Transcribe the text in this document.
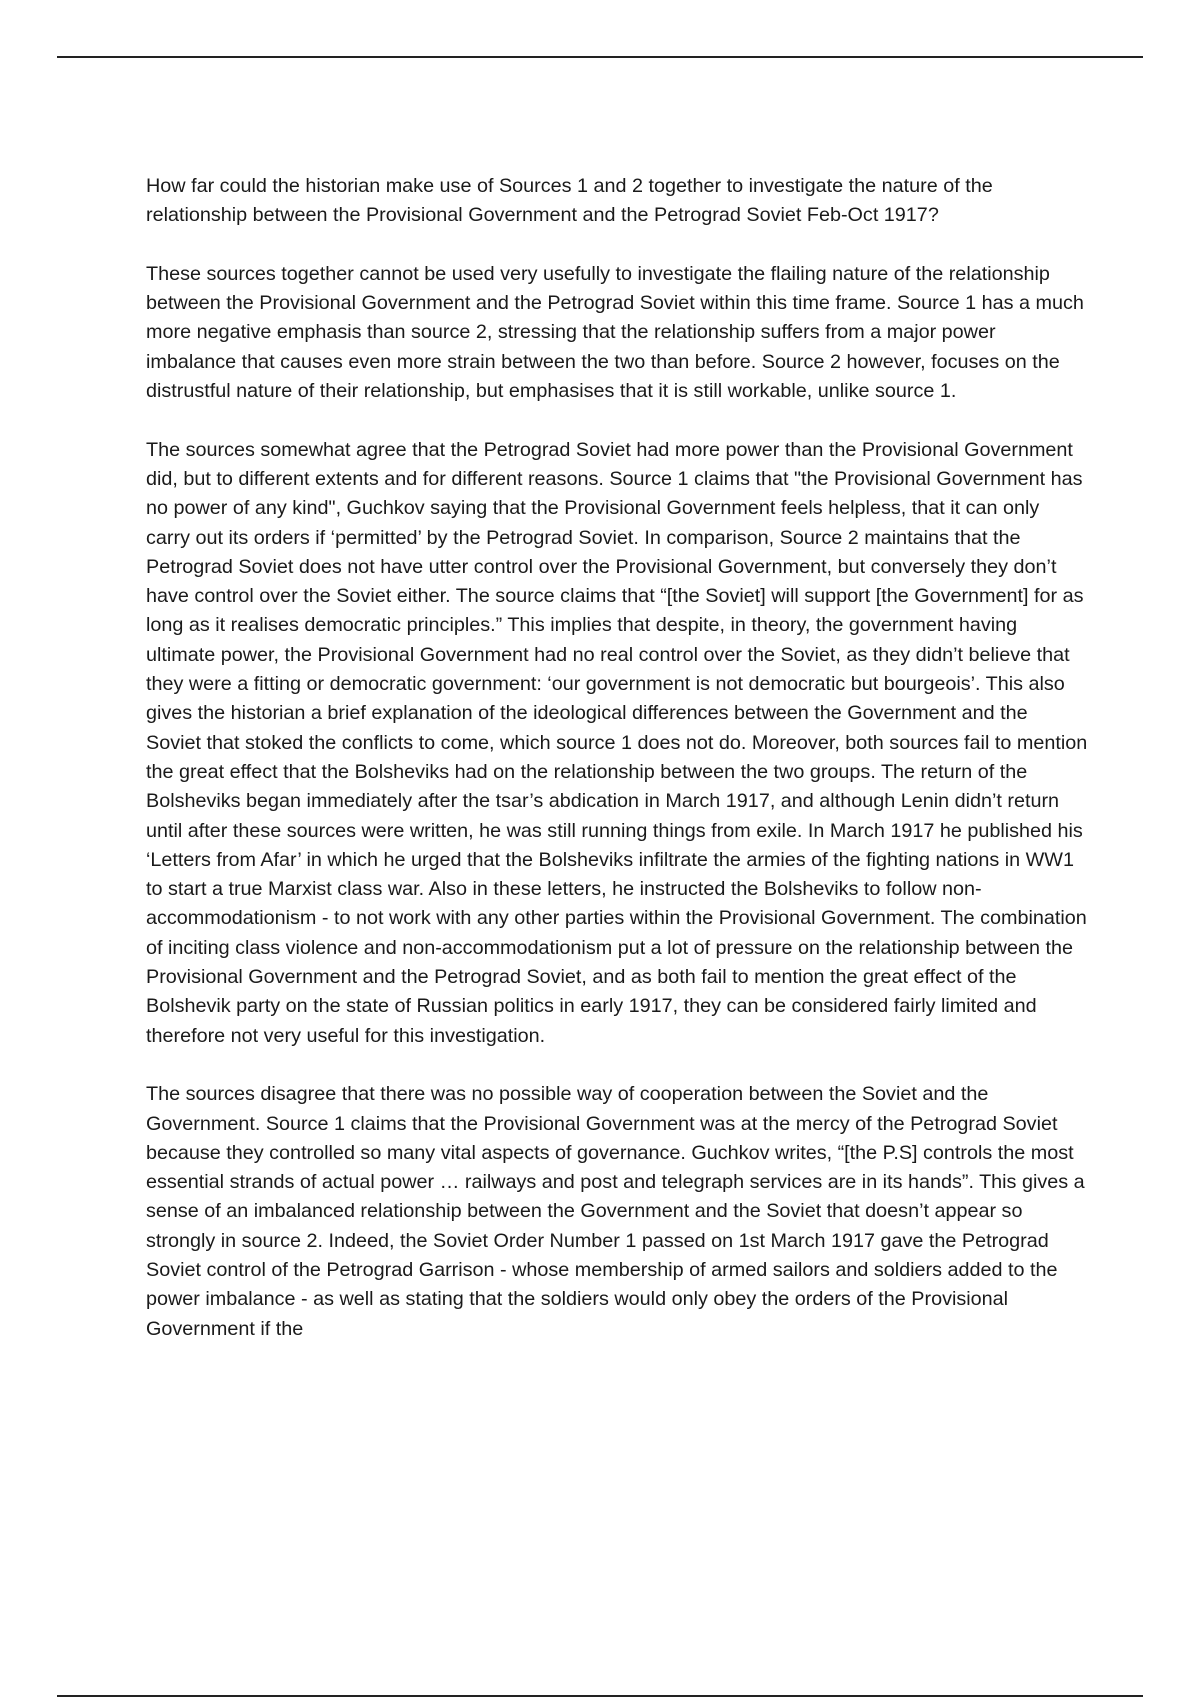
How far could the historian make use of Sources 1 and 2 together to investigate the nature of the relationship between the Provisional Government and the Petrograd Soviet Feb-Oct 1917?

These sources together cannot be used very usefully to investigate the flailing nature of the relationship between the Provisional Government and the Petrograd Soviet within this time frame. Source 1 has a much more negative emphasis than source 2, stressing that the relationship suffers from a major power imbalance that causes even more strain between the two than before. Source 2 however, focuses on the distrustful nature of their relationship, but emphasises that it is still workable, unlike source 1.

The sources somewhat agree that the Petrograd Soviet had more power than the Provisional Government did, but to different extents and for different reasons. Source 1 claims that "the Provisional Government has no power of any kind", Guchkov saying that the Provisional Government feels helpless, that it can only carry out its orders if ‘permitted’ by the Petrograd Soviet. In comparison, Source 2 maintains that the Petrograd Soviet does not have utter control over the Provisional Government, but conversely they don’t have control over the Soviet either. The source claims that “[the Soviet] will support [the Government] for as long as it realises democratic principles.” This implies that despite, in theory, the government having ultimate power, the Provisional Government had no real control over the Soviet, as they didn’t believe that they were a fitting or democratic government: ‘our government is not democratic but bourgeois’. This also gives the historian a brief explanation of the ideological differences between the Government and the Soviet that stoked the conflicts to come, which source 1 does not do. Moreover, both sources fail to mention the great effect that the Bolsheviks had on the relationship between the two groups. The return of the Bolsheviks began immediately after the tsar’s abdication in March 1917, and although Lenin didn’t return until after these sources were written, he was still running things from exile. In March 1917 he published his ‘Letters from Afar’ in which he urged that the Bolsheviks infiltrate the armies of the fighting nations in WW1 to start a true Marxist class war. Also in these letters, he instructed the Bolsheviks to follow non-accommodationism - to not work with any other parties within the Provisional Government. The combination of inciting class violence and non-accommodationism put a lot of pressure on the relationship between the Provisional Government and the Petrograd Soviet, and as both fail to mention the great effect of the Bolshevik party on the state of Russian politics in early 1917, they can be considered fairly limited and therefore not very useful for this investigation.

The sources disagree that there was no possible way of cooperation between the Soviet and the Government. Source 1 claims that the Provisional Government was at the mercy of the Petrograd Soviet because they controlled so many vital aspects of governance. Guchkov writes, “[the P.S] controls the most essential strands of actual power … railways and post and telegraph services are in its hands”. This gives a sense of an imbalanced relationship between the Government and the Soviet that doesn’t appear so strongly in source 2. Indeed, the Soviet Order Number 1 passed on 1st March 1917 gave the Petrograd Soviet control of the Petrograd Garrison - whose membership of armed sailors and soldiers added to the power imbalance - as well as stating that the soldiers would only obey the orders of the Provisional Government if the
